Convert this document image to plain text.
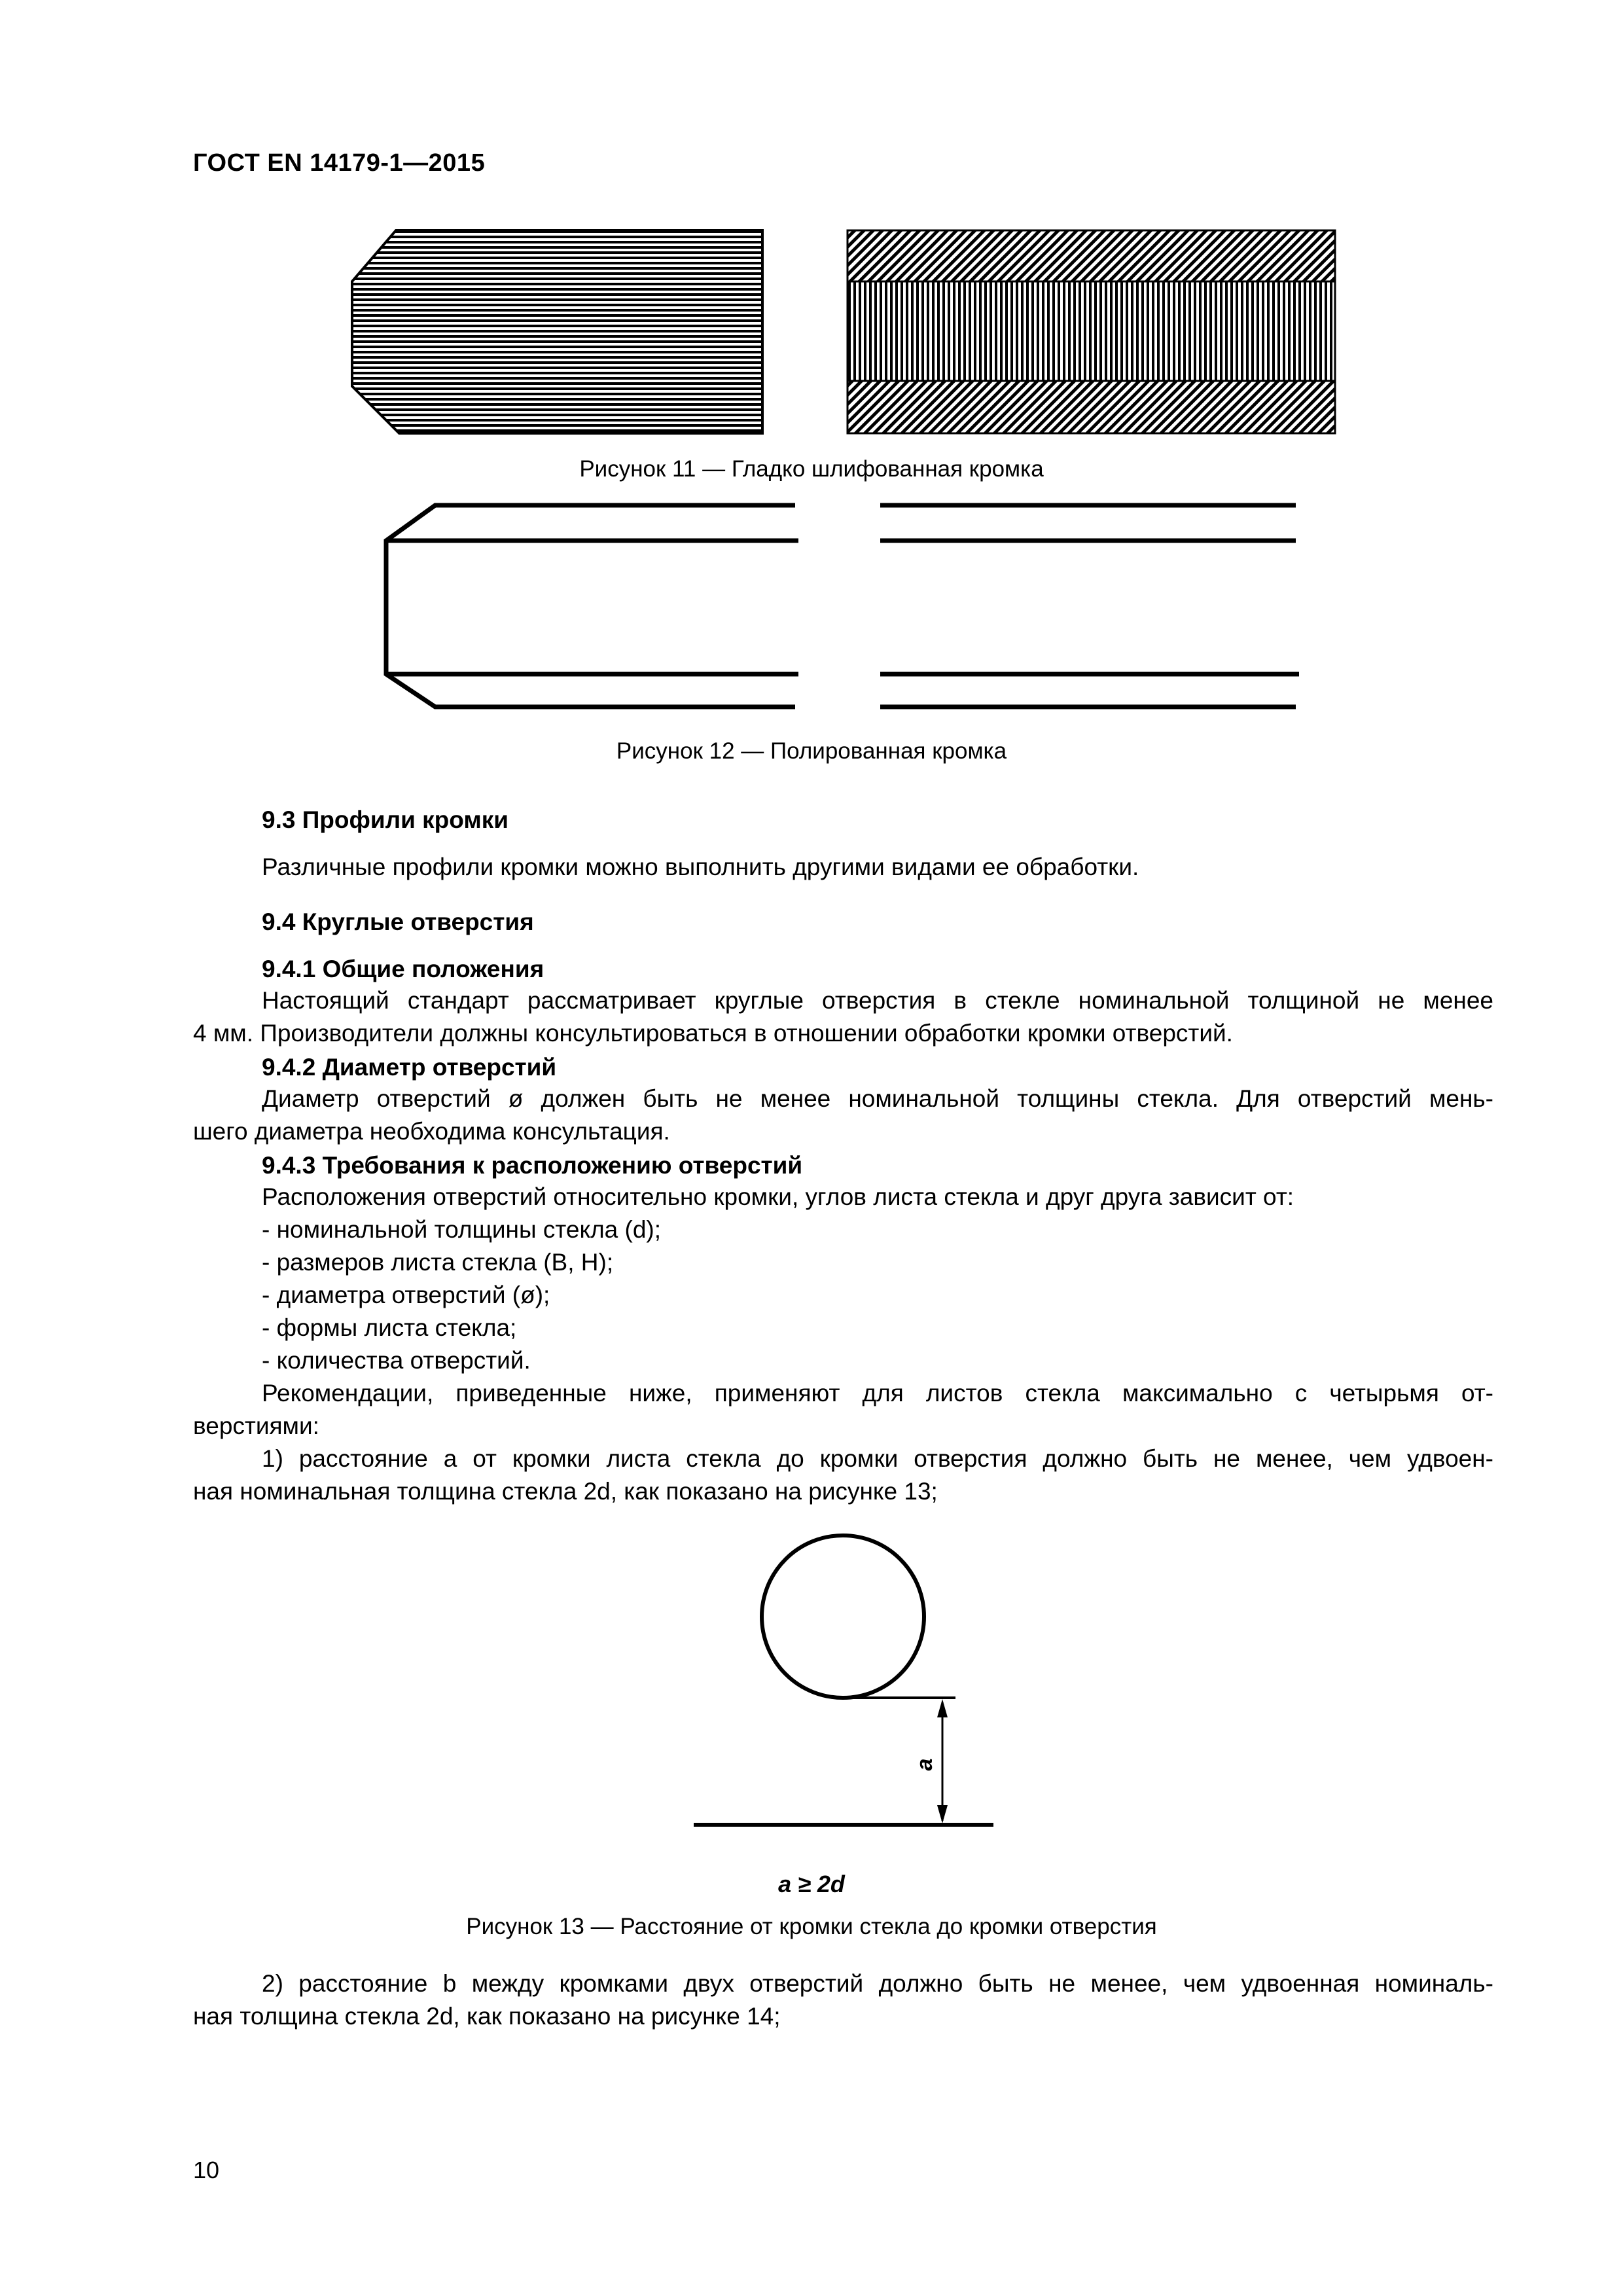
ГОСТ EN 14179-1—2015
Рисунок 11 — Гладко шлифованная кромка
Рисунок 12 — Полированная кромка
9.3 Профили кромки
Различные профили кромки можно выполнить другими видами ее обработки.
9.4 Круглые отверстия
9.4.1 Общие положения
Настоящий стандарт рассматривает круглые отверстия в стекле номинальной толщиной не менее
4 мм. Производители должны консультироваться в отношении обработки кромки отверстий.
9.4.2 Диаметр отверстий
Диаметр отверстий ø должен быть не менее номинальной толщины стекла. Для отверстий мень-
шего диаметра необходима консультация.
9.4.3 Требования к расположению отверстий
Расположения отверстий относительно кромки, углов листа стекла и друг друга зависит от:
- номинальной толщины стекла (d);
- размеров листа стекла (B, H);
- диаметра отверстий (ø);
- формы листа стекла;
- количества отверстий.
Рекомендации, приведенные ниже, применяют для листов стекла максимально с четырьмя от-
верстиями:
1) расстояние a от кромки листа стекла до кромки отверстия должно быть не менее, чем удвоен-
ная номинальная толщина стекла 2d, как показано на рисунке 13;
a
a ≥ 2d
Рисунок 13 — Расстояние от кромки стекла до кромки отверстия
2) расстояние b между кромками двух отверстий должно быть не менее, чем удвоенная номиналь-
ная толщина стекла 2d, как показано на рисунке 14;
10
